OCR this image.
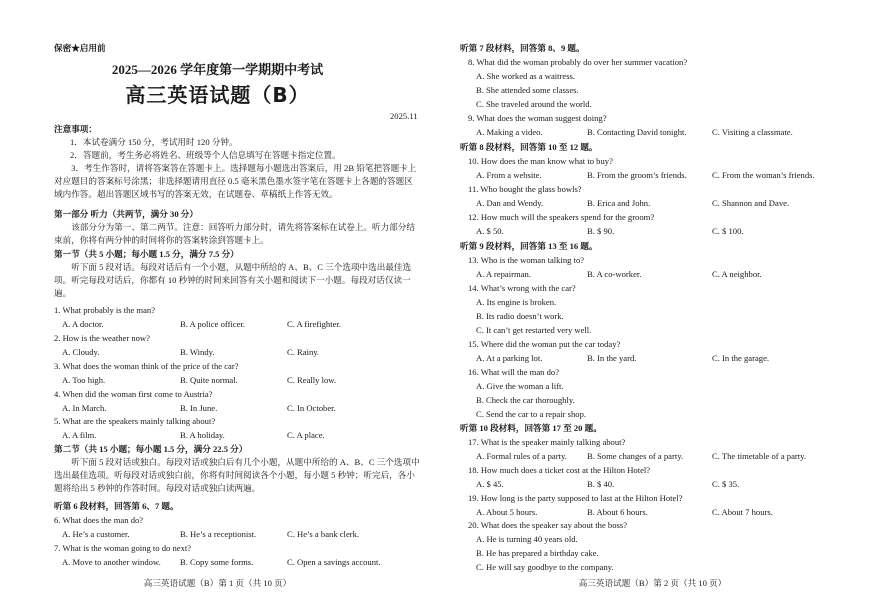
保密★启用前
2025—2026 学年度第一学期期中考试
高三英语试题（B）
2025.11
注意事项：
1．本试卷满分 150 分，考试用时 120 分钟。
2．答题前，考生务必将姓名、班级等个人信息填写在答题卡指定位置。
3．考生作答时，请将答案答在答题卡上。选择题每小题选出答案后，用 2B 铅笔把答题卡上对应题目的答案标号涂黑；非选择题请用直径 0.5 毫米黑色墨水签字笔在答题卡上各题的答题区域内作答。超出答题区域书写的答案无效，在试题卷、草稿纸上作答无效。
第一部分 听力（共两节，满分 30 分）
该部分分为第一、第二两节。注意：回答听力部分时，请先将答案标在试卷上。听力部分结束前，你将有两分钟的时间将你的答案转涂到答题卡上。
第一节（共 5 小题；每小题 1.5 分，满分 7.5 分）
听下面 5 段对话。每段对话后有一个小题，从题中所给的 A、B、C 三个选项中选出最佳选项。听完每段对话后，你都有 10 秒钟的时间来回答有关小题和阅读下一小题。每段对话仅读一遍。
1. What probably is the man?
A. A doctor.	B. A police officer.	C. A firefighter.
2. How is the weather now?
A. Cloudy.	B. Windy.	C. Rainy.
3. What does the woman think of the price of the car?
A. Too high.	B. Quite normal.	C. Really low.
4. When did the woman first come to Austria?
A. In March.	B. In June.	C. In October.
5. What are the speakers mainly talking about?
A. A film.	B. A holiday.	C. A place.
第二节（共 15 小题；每小题 1.5 分，满分 22.5 分）
听下面 5 段对话或独白。每段对话或独白后有几个小题，从题中所给的 A、B、C 三个选项中选出最佳选项。听每段对话或独白前，你将有时间阅读各个小题，每小题 5 秒钟；听完后，各小题将给出 5 秒钟的作答时间。每段对话或独白读两遍。
听第 6 段材料，回答第 6、7 题。
6. What does the man do?
A. He’s a customer.	B. He’s a receptionist.	C. He’s a bank clerk.
7. What is the woman going to do next?
A. Move to another window. B. Copy some forms.	C. Open a savings account.
高三英语试题（B）第 1 页（共 10 页）
听第 7 段材料，回答第 8、9 题。
8. What did the woman probably do over her summer vacation?
A. She worked as a waitress.
B. She attended some classes.
C. She traveled around the world.
9. What does the woman suggest doing?
A. Making a video.	B. Contacting David tonight.	C. Visiting a classmate.
听第 8 段材料，回答第 10 至 12 题。
10. How does the man know what to buy?
A. From a website.	B. From the groom’s friends.	C. From the woman’s friends.
11. Who bought the glass bowls?
A. Dan and Wendy.	B. Erica and John.	C. Shannon and Dave.
12. How much will the speakers spend for the groom?
A. $ 50.	B. $ 90.	C. $ 100.
听第 9 段材料，回答第 13 至 16 题。
13. Who is the woman talking to?
A. A repairman.	B. A co-worker.	C. A neighbor.
14. What’s wrong with the car?
A. Its engine is broken.
B. Its radio doesn’t work.
C. It can’t get restarted very well.
15. Where did the woman put the car today?
A. At a parking lot.	B. In the yard.	C. In the garage.
16. What will the man do?
A. Give the woman a lift.
B. Check the car thoroughly.
C. Send the car to a repair shop.
听第 10 段材料，回答第 17 至 20 题。
17. What is the speaker mainly talking about?
A. Formal rules of a party. B. Some changes of a party.	C. The timetable of a party.
18. How much does a ticket cost at the Hilton Hotel?
A. $ 45.	B. $ 40.	C. $ 35.
19. How long is the party supposed to last at the Hilton Hotel?
A. About 5 hours.	B. About 6 hours.	C. About 7 hours.
20. What does the speaker say about the boss?
A. He is turning 40 years old.
B. He has prepared a birthday cake.
C. He will say goodbye to the company.
高三英语试题（B）第 2 页（共 10 页）
